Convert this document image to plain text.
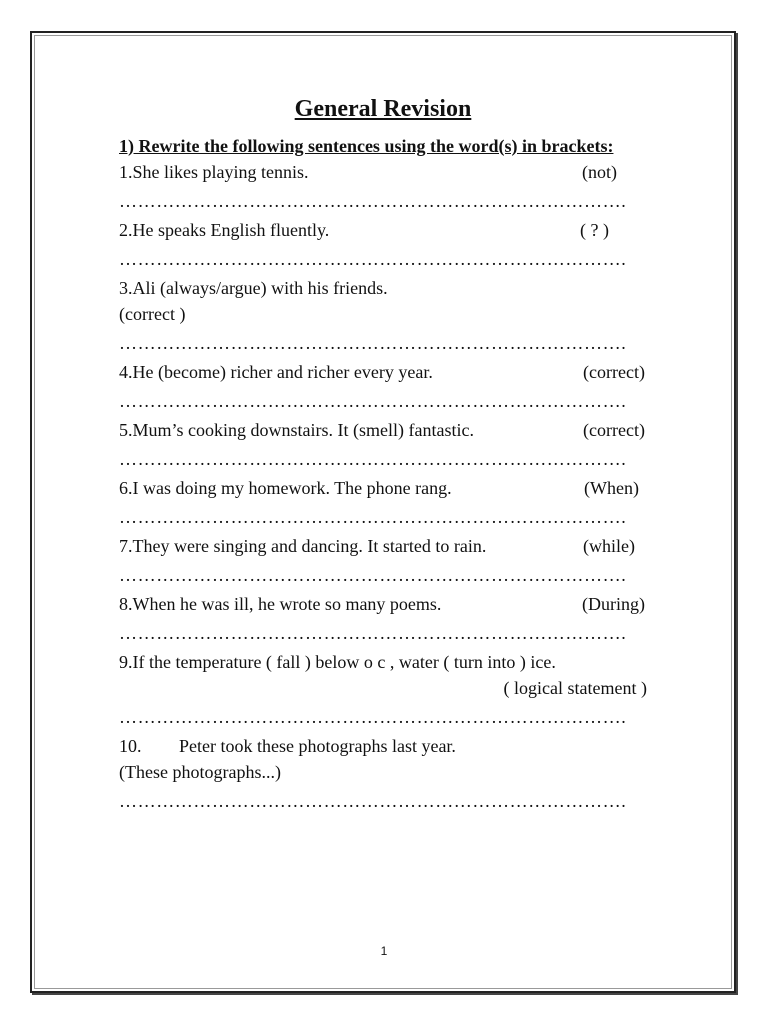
General Revision
1) Rewrite the following sentences using the word(s) in brackets:
1.She likes playing tennis.	(not)
……………………………………………………………………….
2.He speaks English fluently.	( ? )
……………………………………………………………………….
3.Ali (always/argue) with his friends.
(correct )
……………………………………………………………………….
4.He (become) richer and richer every year.	(correct)
……………………………………………………………………….
5.Mum’s cooking downstairs. It (smell) fantastic.	(correct)
……………………………………………………………………….
6.I was doing my homework. The phone rang.	(When)
……………………………………………………………………….
7.They were singing and dancing. It started to rain.	(while)
……………………………………………………………………….
8.When he was ill, he wrote so many poems.	(During)
……………………………………………………………………….
9.If the temperature ( fall ) below o c , water ( turn into ) ice.
( logical statement )
……………………………………………………………………….
10. Peter took these photographs last year.
(These photographs...)
……………………………………………………………………….
1
